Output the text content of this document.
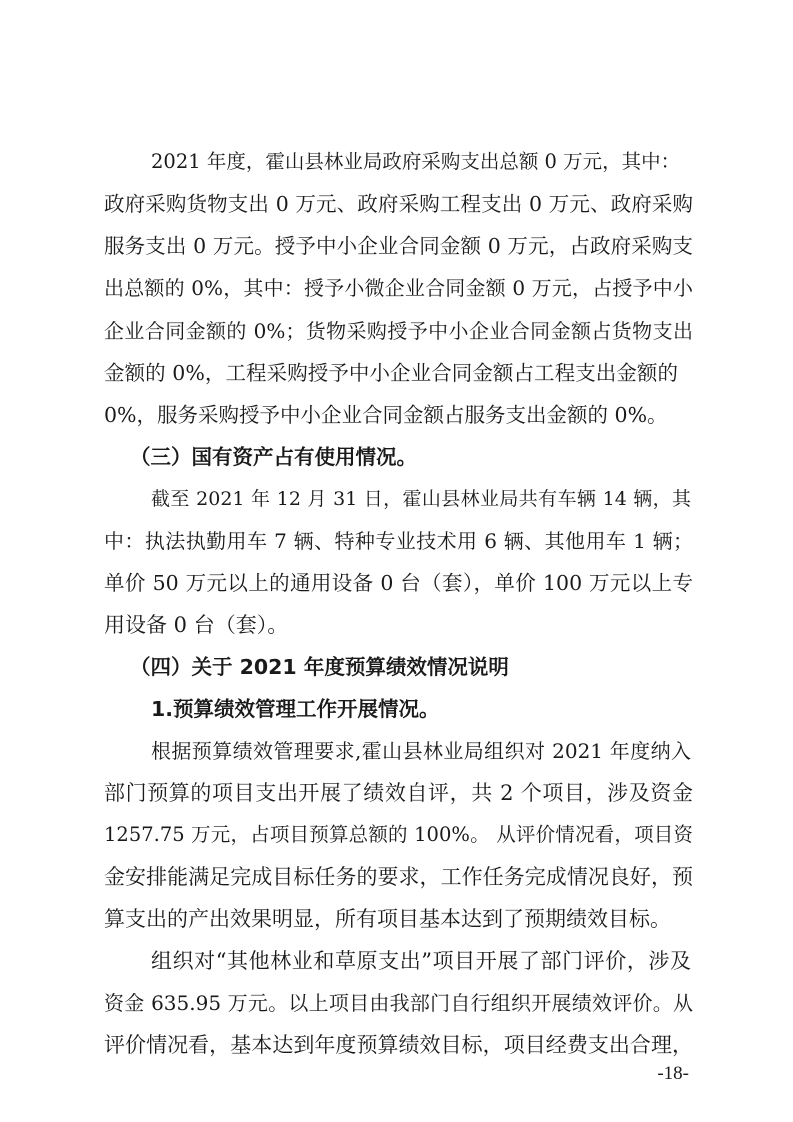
2021 年度，霍山县林业局政府采购支出总额 0 万元，其中：
政府采购货物支出 0 万元、政府采购工程支出 0 万元、政府采购
服务支出 0 万元。授予中小企业合同金额 0 万元，占政府采购支
出总额的 0%，其中：授予小微企业合同金额 0 万元，占授予中小
企业合同金额的 0%；货物采购授予中小企业合同金额占货物支出
金额的 0%，工程采购授予中小企业合同金额占工程支出金额的
0%，服务采购授予中小企业合同金额占服务支出金额的 0%。
（三）国有资产占有使用情况。
截至 2021 年 12 月 31 日，霍山县林业局共有车辆 14 辆，其
中：执法执勤用车 7 辆、特种专业技术用 6 辆、其他用车 1 辆；
单价 50 万元以上的通用设备 0 台（套），单价 100 万元以上专
用设备 0 台（套）。
（四）关于 2021 年度预算绩效情况说明
1.预算绩效管理工作开展情况。
根据预算绩效管理要求,霍山县林业局组织对 2021 年度纳入
部门预算的项目支出开展了绩效自评，共 2 个项目，涉及资金
1257.75 万元，占项目预算总额的 100%。 从评价情况看，项目资
金安排能满足完成目标任务的要求，工作任务完成情况良好，预
算支出的产出效果明显，所有项目基本达到了预期绩效目标。
组织对“其他林业和草原支出”项目开展了部门评价，涉及
资金 635.95 万元。以上项目由我部门自行组织开展绩效评价。从
评价情况看，基本达到年度预算绩效目标，项目经费支出合理，
-18-
